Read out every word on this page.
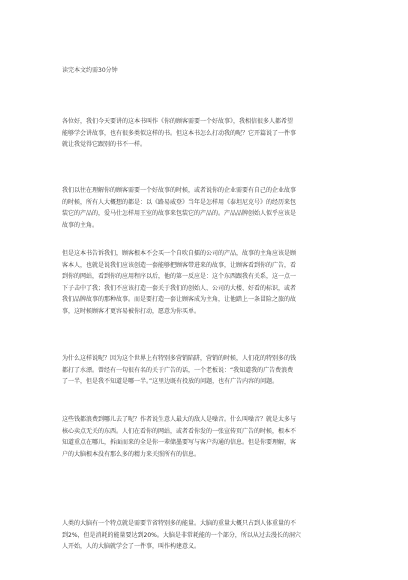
读完本文约需30分钟

各位好，我们今天要讲的这本书叫作《你的顾客需要一个好故事》，我相信很多人都希望
能够学会讲故事，也有很多类似这样的书。但这本书怎么打动我的呢？它开篇说了一件事
就让我觉得它跟别的书不一样。

我们以往在理解你的顾客需要一个好故事的时候，或者说你的企业需要有自己的企业故事
的时候，所有人大概想的都是：以《路易威登》当年是怎样用《泰坦尼克号》的经历来包
装它的产品的，爱马仕怎样用王室的故事来包装它的产品的。产品品牌创始人似乎应该是
故事的主角。

但是这本书告诉我们，顾客根本不会买一个自吹自擂的公司的产品，故事的主角应该是顾
客本人，也就是说我们应该创造一套能够把顾客带进来的故事，让顾客看到你的广告，看
到你的网站，看到你的应用程序以后，他的第一反应是：这个东西跟我有关系，这一点一
下子击中了我；我们不应该打造一套关于我们的创始人、公司的大楼、好看的标识，或者
我们品牌故事的那种故事。而是要打造一套让顾客成为主角，让他踏上一条冒险之旅的故
事，这时候顾客才更容易被你打动，愿意为你买单。

为什么这样说呢？因为这个世界上有特别多营销陷阱，营销的时候，人们花的特别多的钱
都打了水漂。曾经有一句很有名的关于广告的话，一个老板说：“我知道我的广告费浪费
了一半，但是我不知道是哪一半。”这里边既有投放的问题，也有广告内容的问题。

这些钱都浪费到哪儿去了呢？作者说生意人最大的敌人是噪音。什么叫噪音？就是太多与
核心卖点无关的东西。人们在看你的网站，或者看你发的一张宣传页广告的时候，根本不
知道重点在哪儿，拆面而来的全是你一辈储墨要写与客户沟通的信息。但是你要理解，客
户的大脑根本没有那么多的精力来关照所有的信息。

人类的大脑有一个特点就是需要节省特别多的能量。大脑的重量大概只占到人体重量的不
到2%，但是消耗的能量要达到20%。大脑是非常耗能的一个部分，所以从过去漫长的洞穴
人开始，人的大脑就学会了一件事，叫作构建意义。
